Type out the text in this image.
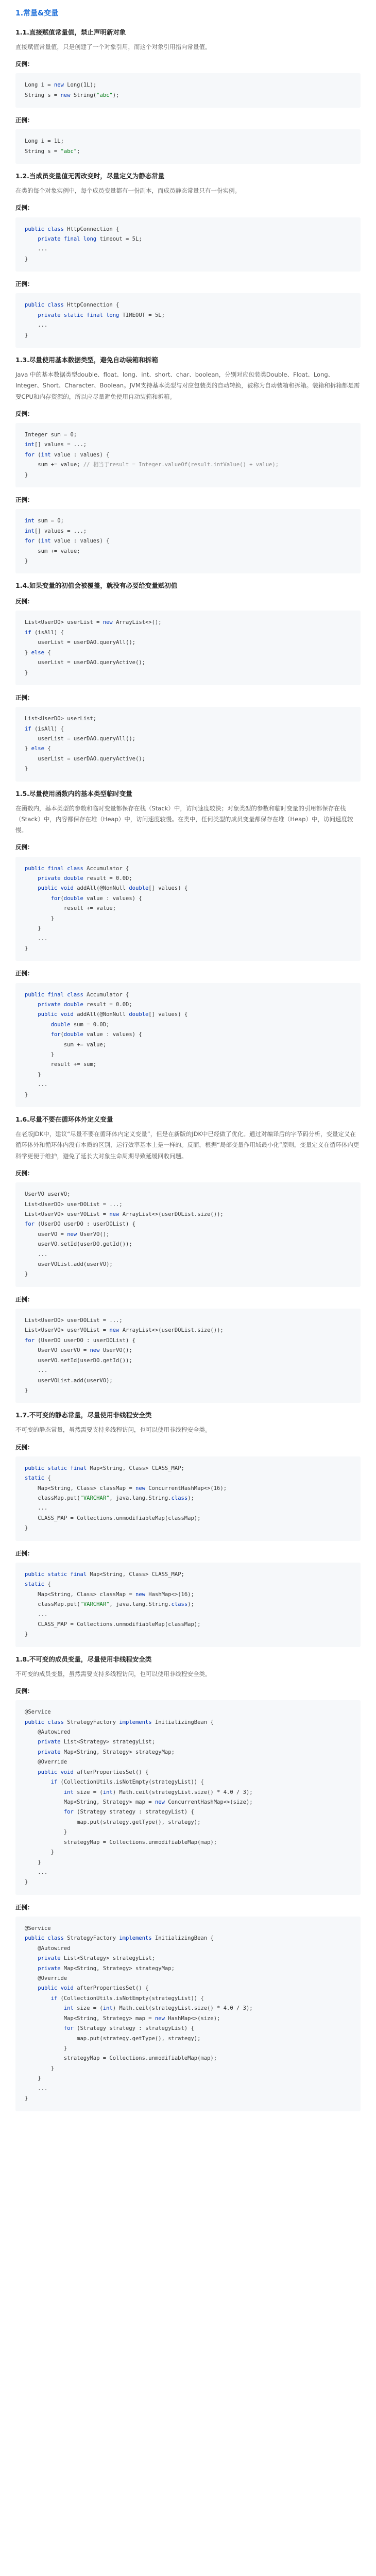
1.常量&变量
1.1.直接赋值常量值，禁止声明新对象
直接赋值常量值，只是创建了一个对象引用，而这个对象引用指向常量值。
反例：
Long i = new Long(1L);
String s = new String("abc");
正例：
Long i = 1L;
String s = "abc";
1.2.当成员变量值无需改变时，尽量定义为静态常量
在类的每个对象实例中，每个成员变量都有一份副本，而成员静态常量只有一份实例。
反例：
public class HttpConnection {
private final long timeout = 5L;
...
}
正例：
public class HttpConnection {
private static final long TIMEOUT = 5L;
...
}
1.3.尽量使用基本数据类型，避免自动装箱和拆箱
Java 中的基本数据类型double、float、long、int、short、char、boolean，分别对应包装类Double、Float、Long、Integer、Short、Character、Boolean。JVM支持基本类型与对应包装类的自动转换，被称为自动装箱和拆箱。装箱和拆箱都是需要CPU和内存资源的，所以应尽量避免使用自动装箱和拆箱。
反例：
Integer sum = 0;
int[] values = ...;
for (int value : values) {
sum += value; // 相当于result = Integer.valueOf(result.intValue() + value);
}
正例：
int sum = 0;
int[] values = ...;
for (int value : values) {
sum += value;
}
1.4.如果变量的初值会被覆盖，就没有必要给变量赋初值
反例：
List<UserDO> userList = new ArrayList<>();
if (isAll) {
userList = userDAO.queryAll();
} else {
userList = userDAO.queryActive();
}
正例：
List<UserDO> userList;
if (isAll) {
userList = userDAO.queryAll();
} else {
userList = userDAO.queryActive();
}
1.5.尽量使用函数内的基本类型临时变量
在函数内，基本类型的参数和临时变量都保存在栈（Stack）中，访问速度较快；对象类型的参数和临时变量的引用都保存在栈（Stack）中，内容都保存在堆（Heap）中，访问速度较慢。在类中，任何类型的成员变量都保存在堆（Heap）中，访问速度较慢。
反例：
public final class Accumulator {
private double result = 0.0D;
public void addAll(@NonNull double[] values) {
for(double value : values) {
result += value;
}
}
...
}
正例：
public final class Accumulator {
private double result = 0.0D;
public void addAll(@NonNull double[] values) {
double sum = 0.0D;
for(double value : values) {
sum += value;
}
result += sum;
}
...
}
1.6.尽量不要在循环体外定义变量
在老版JDK中，建议“尽量不要在循环体内定义变量”，但是在新版的JDK中已经做了优化。通过对编译后的字节码分析，变量定义在循环体外和循环体内没有本质的区别，运行效率基本上是一样的。反而，根据“局部变量作用域最小化”原则，变量定义在循环体内更科学更便于维护，避免了延长大对象生命周期导致延缓回收问题。
反例：
UserVO userVO;
List<UserDO> userDOList = ...;
List<UserVO> userVOList = new ArrayList<>(userDOList.size());
for (UserDO userDO : userDOList) {
userVO = new UserVO();
userVO.setId(userDO.getId());
...
userVOList.add(userVO);
}
正例：
List<UserDO> userDOList = ...;
List<UserVO> userVOList = new ArrayList<>(userDOList.size());
for (UserDO userDO : userDOList) {
UserVO userVO = new UserVO();
userVO.setId(userDO.getId());
...
userVOList.add(userVO);
}
1.7.不可变的静态常量，尽量使用非线程安全类
不可变的静态常量，虽然需要支持多线程访问，也可以使用非线程安全类。
反例：
public static final Map<String, Class> CLASS_MAP;
static {
Map<String, Class> classMap = new ConcurrentHashMap<>(16);
classMap.put("VARCHAR", java.lang.String.class);
...
CLASS_MAP = Collections.unmodifiableMap(classMap);
}
正例：
public static final Map<String, Class> CLASS_MAP;
static {
Map<String, Class> classMap = new HashMap<>(16);
classMap.put("VARCHAR", java.lang.String.class);
...
CLASS_MAP = Collections.unmodifiableMap(classMap);
}
1.8.不可变的成员变量，尽量使用非线程安全类
不可变的成员变量，虽然需要支持多线程访问，也可以使用非线程安全类。
反例：
@Service
public class StrategyFactory implements InitializingBean {
@Autowired
private List<Strategy> strategyList;
private Map<String, Strategy> strategyMap;
@Override
public void afterPropertiesSet() {
if (CollectionUtils.isNotEmpty(strategyList)) {
int size = (int) Math.ceil(strategyList.size() * 4.0 / 3);
Map<String, Strategy> map = new ConcurrentHashMap<>(size);
for (Strategy strategy : strategyList) {
map.put(strategy.getType(), strategy);
}
strategyMap = Collections.unmodifiableMap(map);
}
}
...
}
正例：
@Service
public class StrategyFactory implements InitializingBean {
@Autowired
private List<Strategy> strategyList;
private Map<String, Strategy> strategyMap;
@Override
public void afterPropertiesSet() {
if (CollectionUtils.isNotEmpty(strategyList)) {
int size = (int) Math.ceil(strategyList.size() * 4.0 / 3);
Map<String, Strategy> map = new HashMap<>(size);
for (Strategy strategy : strategyList) {
map.put(strategy.getType(), strategy);
}
strategyMap = Collections.unmodifiableMap(map);
}
}
...
}
